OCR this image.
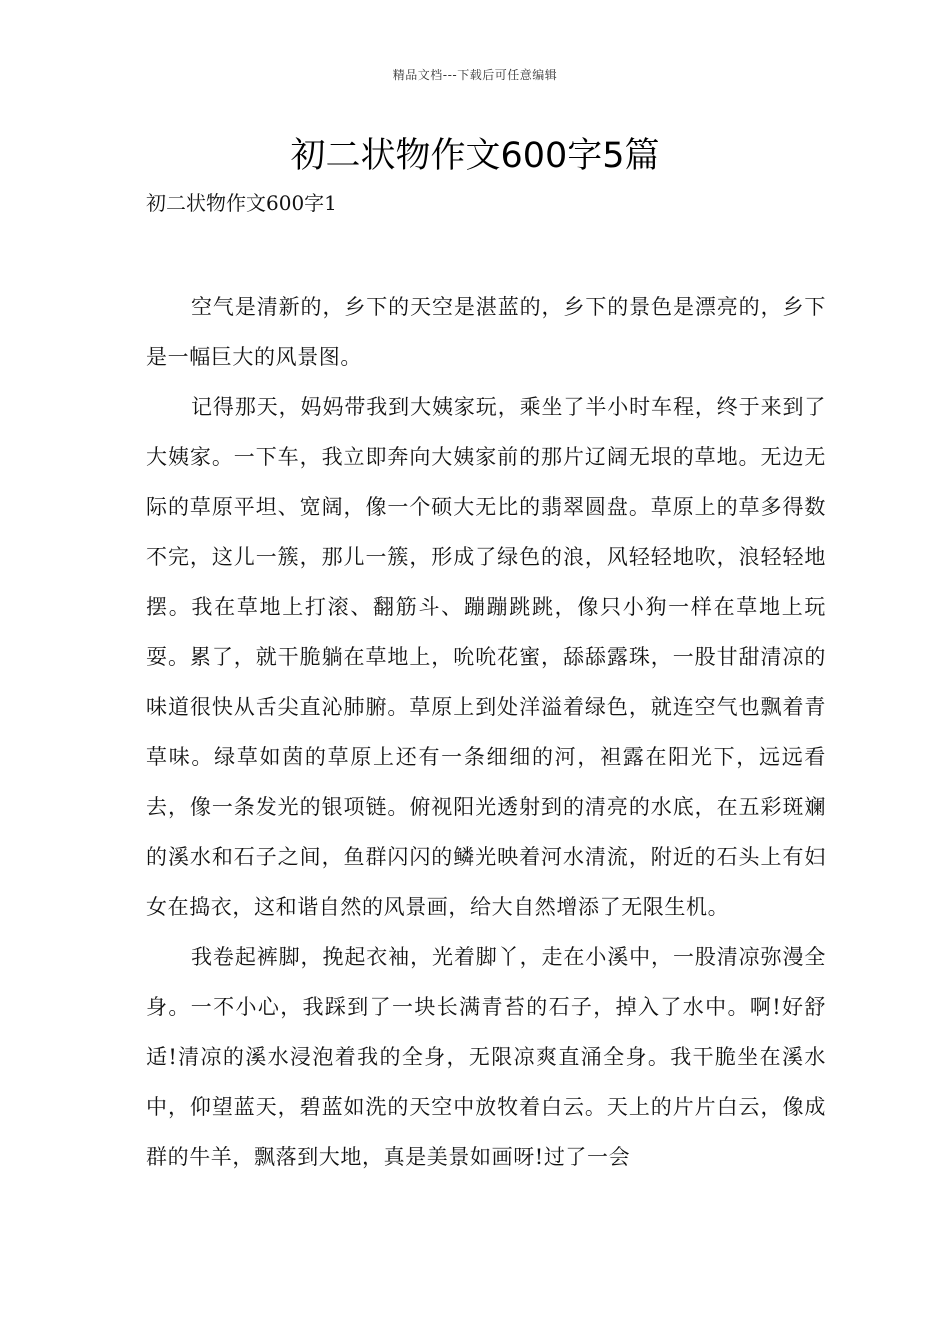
精品文档---下载后可任意编辑
初二状物作文600字5篇
初二状物作文600字1

空气是清新的，乡下的天空是湛蓝的，乡下的景色是漂亮的，乡下是一幅巨大的风景图。

记得那天，妈妈带我到大姨家玩，乘坐了半小时车程，终于来到了大姨家。一下车，我立即奔向大姨家前的那片辽阔无垠的草地。无边无际的草原平坦、宽阔，像一个硕大无比的翡翠圆盘。草原上的草多得数不完，这儿一簇，那儿一簇，形成了绿色的浪，风轻轻地吹，浪轻轻地摆。我在草地上打滚、翻筋斗、蹦蹦跳跳，像只小狗一样在草地上玩耍。累了，就干脆躺在草地上，吮吮花蜜，舔舔露珠，一股甘甜清凉的味道很快从舌尖直沁肺腑。草原上到处洋溢着绿色，就连空气也飘着青草味。绿草如茵的草原上还有一条细细的河，袒露在阳光下，远远看去，像一条发光的银项链。俯视阳光透射到的清亮的水底，在五彩斑斓的溪水和石子之间，鱼群闪闪的鳞光映着河水清流，附近的石头上有妇女在捣衣，这和谐自然的风景画，给大自然增添了无限生机。

我卷起裤脚，挽起衣袖，光着脚丫，走在小溪中，一股清凉弥漫全身。一不小心，我踩到了一块长满青苔的石子，掉入了水中。啊!好舒适!清凉的溪水浸泡着我的全身，无限凉爽直涌全身。我干脆坐在溪水中，仰望蓝天，碧蓝如洗的天空中放牧着白云。天上的片片白云，像成群的牛羊，飘落到大地，真是美景如画呀!过了一会
